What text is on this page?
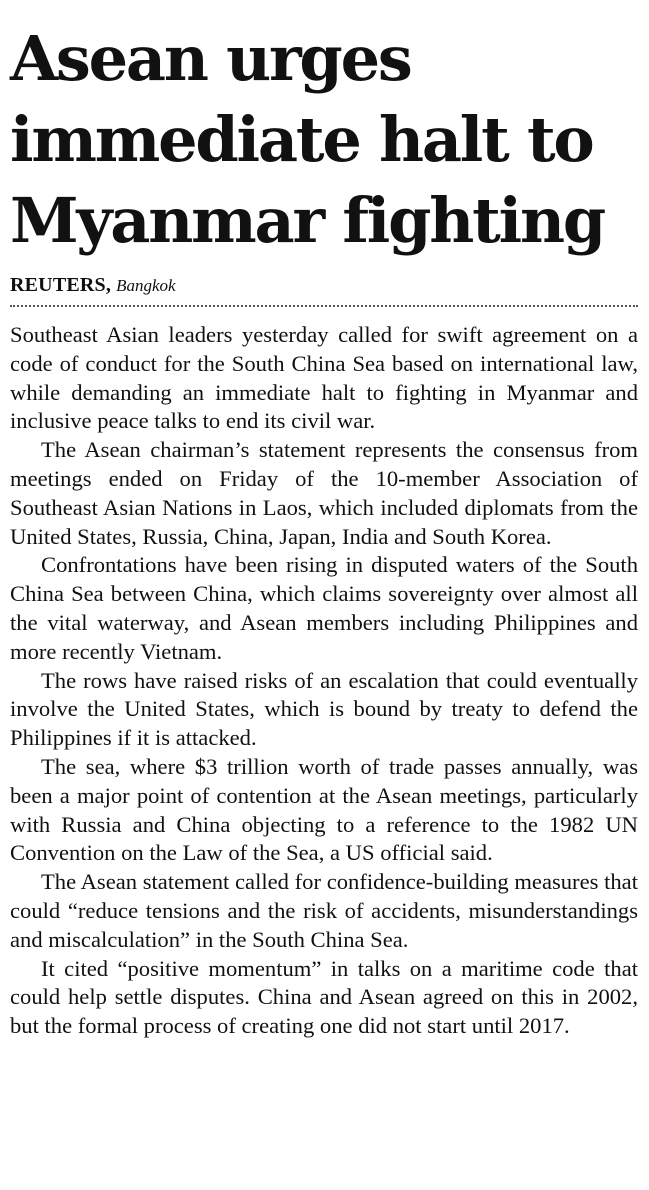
Asean urges immediate halt to Myanmar fighting
REUTERS, Bangkok

Southeast Asian leaders yesterday called for swift agreement on a code of conduct for the South China Sea based on international law, while demanding an immediate halt to fighting in Myanmar and inclusive peace talks to end its civil war.

The Asean chairman’s statement represents the consensus from meetings ended on Friday of the 10-member Association of Southeast Asian Nations in Laos, which included diplomats from the United States, Russia, China, Japan, India and South Korea.

Confrontations have been rising in disputed waters of the South China Sea between China, which claims sovereignty over almost all the vital waterway, and Asean members including Philippines and more recently Vietnam.

The rows have raised risks of an escalation that could eventually involve the United States, which is bound by treaty to defend the Philippines if it is attacked.

The sea, where $3 trillion worth of trade passes annually, was been a major point of contention at the Asean meetings, particularly with Russia and China objecting to a reference to the 1982 UN Convention on the Law of the Sea, a US official said.

The Asean statement called for confidence-building measures that could “reduce tensions and the risk of accidents, misunderstandings and miscalculation” in the South China Sea.

It cited “positive momentum” in talks on a maritime code that could help settle disputes. China and Asean agreed on this in 2002, but the formal process of creating one did not start until 2017.
